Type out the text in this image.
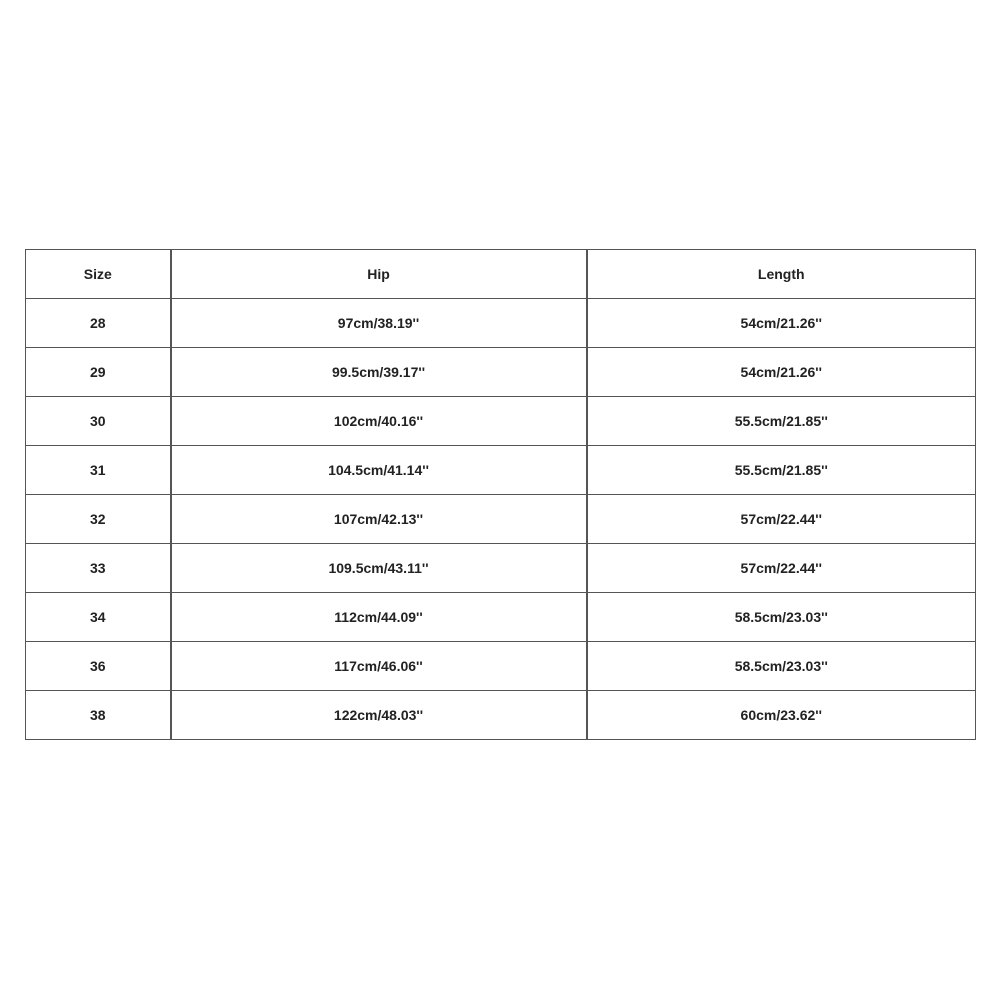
Size	Hip	Length
28	97cm/38.19''	54cm/21.26''
29	99.5cm/39.17''	54cm/21.26''
30	102cm/40.16''	55.5cm/21.85''
31	104.5cm/41.14''	55.5cm/21.85''
32	107cm/42.13''	57cm/22.44''
33	109.5cm/43.11''	57cm/22.44''
34	112cm/44.09''	58.5cm/23.03''
36	117cm/46.06''	58.5cm/23.03''
38	122cm/48.03''	60cm/23.62''
